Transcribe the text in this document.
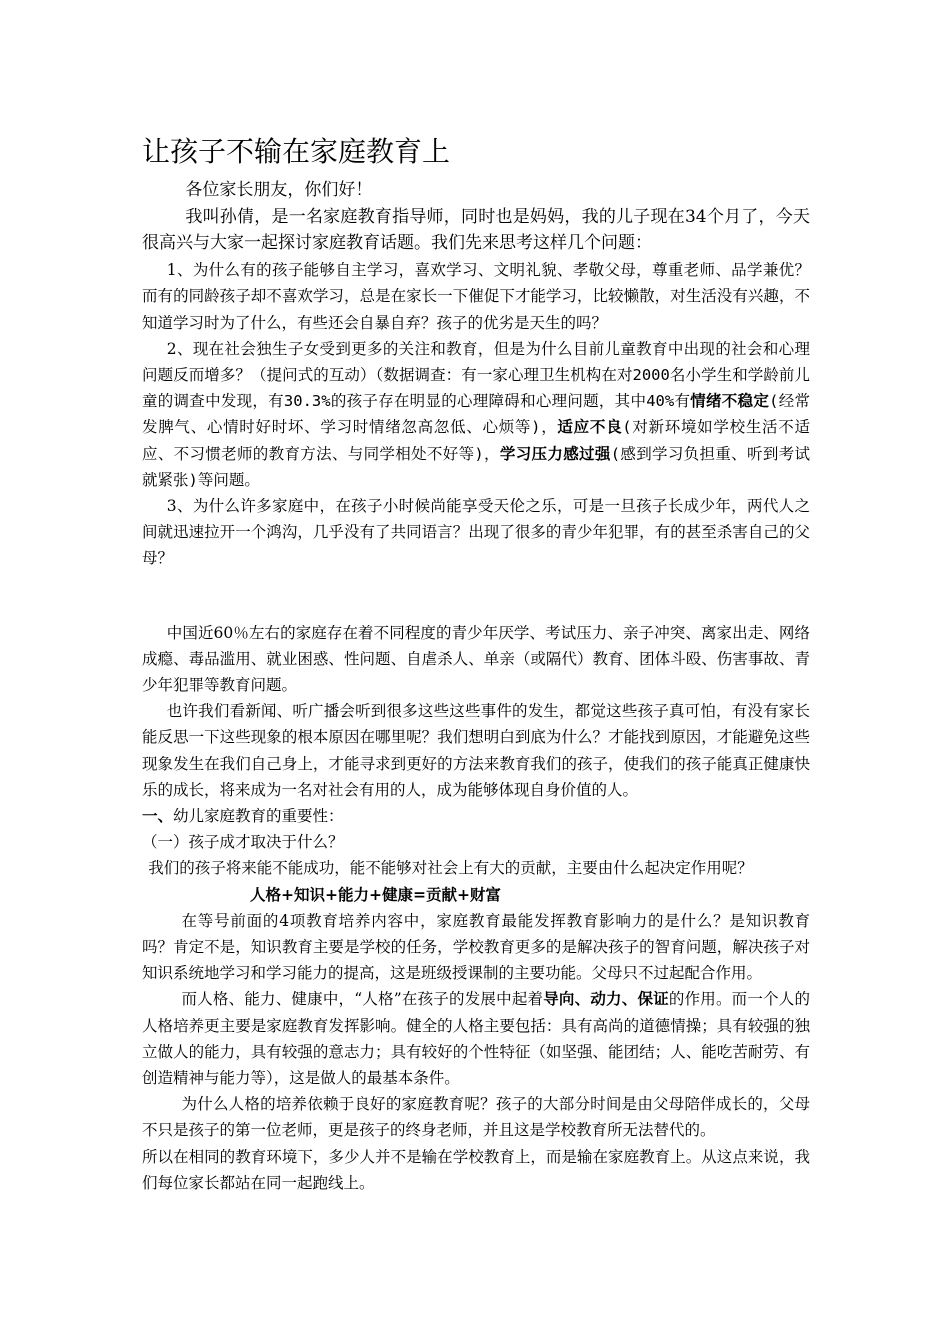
让孩子不输在家庭教育上

各位家长朋友，你们好！

我叫孙倩，是一名家庭教育指导师，同时也是妈妈，我的儿子现在34个月了，今天很高兴与大家一起探讨家庭教育话题。我们先来思考这样几个问题：

1、为什么有的孩子能够自主学习，喜欢学习、文明礼貌、孝敬父母，尊重老师、品学兼优？而有的同龄孩子却不喜欢学习，总是在家长一下催促下才能学习，比较懒散，对生活没有兴趣，不知道学习时为了什么，有些还会自暴自弃？孩子的优劣是天生的吗？

2、现在社会独生子女受到更多的关注和教育，但是为什么目前儿童教育中出现的社会和心理问题反而增多？（提问式的互动）（数据调查：有一家心理卫生机构在对2000名小学生和学龄前儿童的调查中发现，有30.3%的孩子存在明显的心理障碍和心理问题，其中40%有情绪不稳定(经常发脾气、心情时好时坏、学习时情绪忽高忽低、心烦等)，适应不良(对新环境如学校生活不适应、不习惯老师的教育方法、与同学相处不好等)，学习压力感过强(感到学习负担重、听到考试就紧张)等问题。

3、为什么许多家庭中，在孩子小时候尚能享受天伦之乐，可是一旦孩子长成少年，两代人之间就迅速拉开一个鸿沟，几乎没有了共同语言？出现了很多的青少年犯罪，有的甚至杀害自己的父母？

中国近60％左右的家庭存在着不同程度的青少年厌学、考试压力、亲子冲突、离家出走、网络成瘾、毒品滥用、就业困惑、性问题、自虐杀人、单亲（或隔代）教育、团体斗殴、伤害事故、青少年犯罪等教育问题。

也许我们看新闻、听广播会听到很多这些这些事件的发生，都觉这些孩子真可怕，有没有家长能反思一下这些现象的根本原因在哪里呢？我们想明白到底为什么？才能找到原因，才能避免这些现象发生在我们自己身上，才能寻求到更好的方法来教育我们的孩子，使我们的孩子能真正健康快乐的成长，将来成为一名对社会有用的人，成为能够体现自身价值的人。

一、幼儿家庭教育的重要性：

（一）孩子成才取决于什么？

我们的孩子将来能不能成功，能不能够对社会上有大的贡献，主要由什么起决定作用呢？

人格+知识+能力+健康=贡献+财富

在等号前面的4项教育培养内容中，家庭教育最能发挥教育影响力的是什么？是知识教育吗？肯定不是，知识教育主要是学校的任务，学校教育更多的是解决孩子的智育问题，解决孩子对知识系统地学习和学习能力的提高，这是班级授课制的主要功能。父母只不过起配合作用。

而人格、能力、健康中，“人格”在孩子的发展中起着导向、动力、保证的作用。而一个人的人格培养更主要是家庭教育发挥影响。健全的人格主要包括：具有高尚的道德情操；具有较强的独立做人的能力，具有较强的意志力；具有较好的个性特征（如坚强、能团结；人、能吃苦耐劳、有创造精神与能力等），这是做人的最基本条件。

为什么人格的培养依赖于良好的家庭教育呢？孩子的大部分时间是由父母陪伴成长的，父母不只是孩子的第一位老师，更是孩子的终身老师，并且这是学校教育所无法替代的。

所以在相同的教育环境下，多少人并不是输在学校教育上，而是输在家庭教育上。从这点来说，我们每位家长都站在同一起跑线上。
